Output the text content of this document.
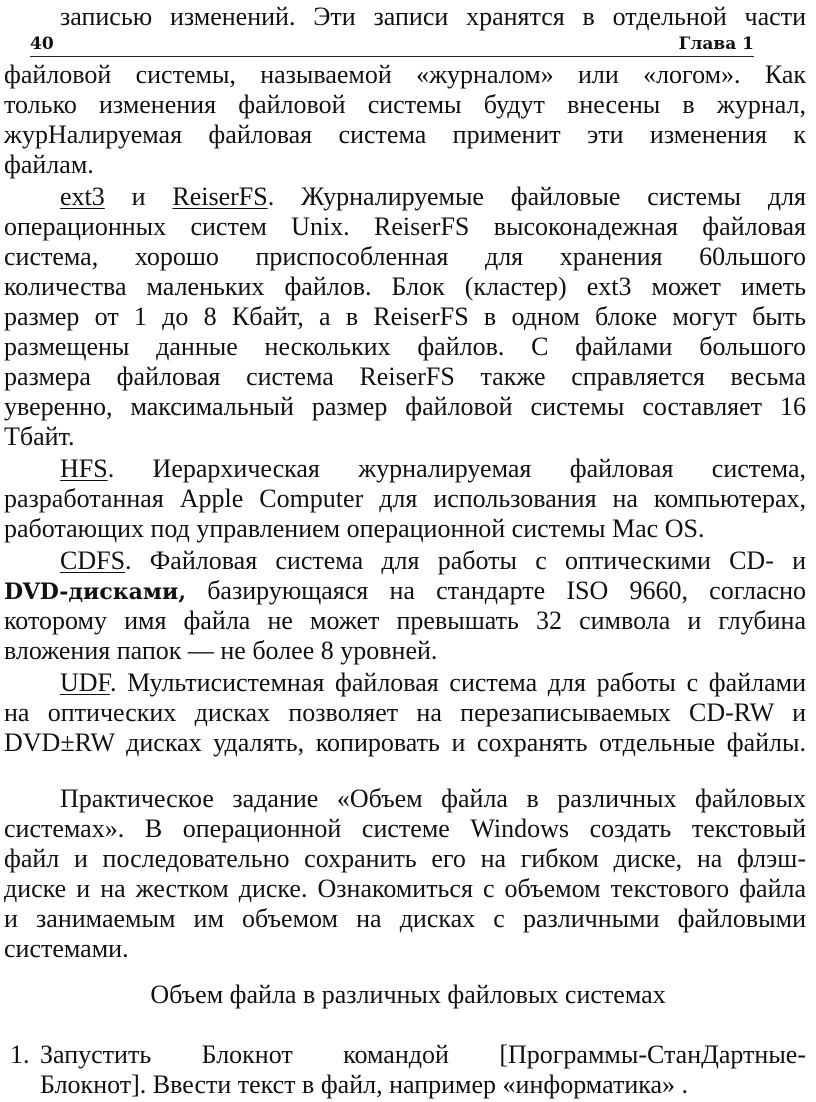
записью изменений. Эти записи хранятся в отдельной части
40	Глава 1
файловой системы, называемой «журналом» или «логом». Как
только изменения файловой системы будут внесены в журнал,
журНалируемая файловая система применит эти изменения к
файлам.
ext3 и ReiserFS. Журналируемые файловые системы для
операционных систем Unix. ReiserFS высоконадежная файловая
система, хорошо приспособленная для хранения 60льшого
количества маленьких файлов. Блок (кластер) ext3 может иметь
размер от 1 до 8 Кбайт, а в ReiserFS в одном блоке могут быть
размещены данные нескольких файлов. С файлами большого
размера файловая система ReiserFS также справляется весьма
уверенно, максимальный размер файловой системы составляет 16
Тбайт.
HFS. Иерархическая журналируемая файловая система,
разработанная Apple Computer для использования на компьютерах,
работающих под управлением операционной системы Mac OS.
CDFS. Файловая система для работы с оптическими CD- и
DVD-дисками, базирующаяся на стандарте ISO 9660, согласно
которому имя файла не может превышать 32 символа и глубина
вложения папок — не более 8 уровней.
UDF. Мультисистемная файловая система для работы с файлами
на оптических дисках позволяет на перезаписываемых CD-RW и
DVD±RW дисках удалять, копировать и сохранять отдельные файлы.
Практическое задание «Объем файла в различных файловых
системах». В операционной системе Windows создать текстовый
файл и последовательно сохранить его на гибком диске, на флэш-
диске и на жестком диске. Ознакомиться с объемом текстового файла
и занимаемым им объемом на дисках с различными файловыми
системами.
Объем файла в различных файловых системах
1. Запустить Блокнот командой [Программы-СтанДартные-
Блокнот]. Ввести текст в файл, например «информатика» .
